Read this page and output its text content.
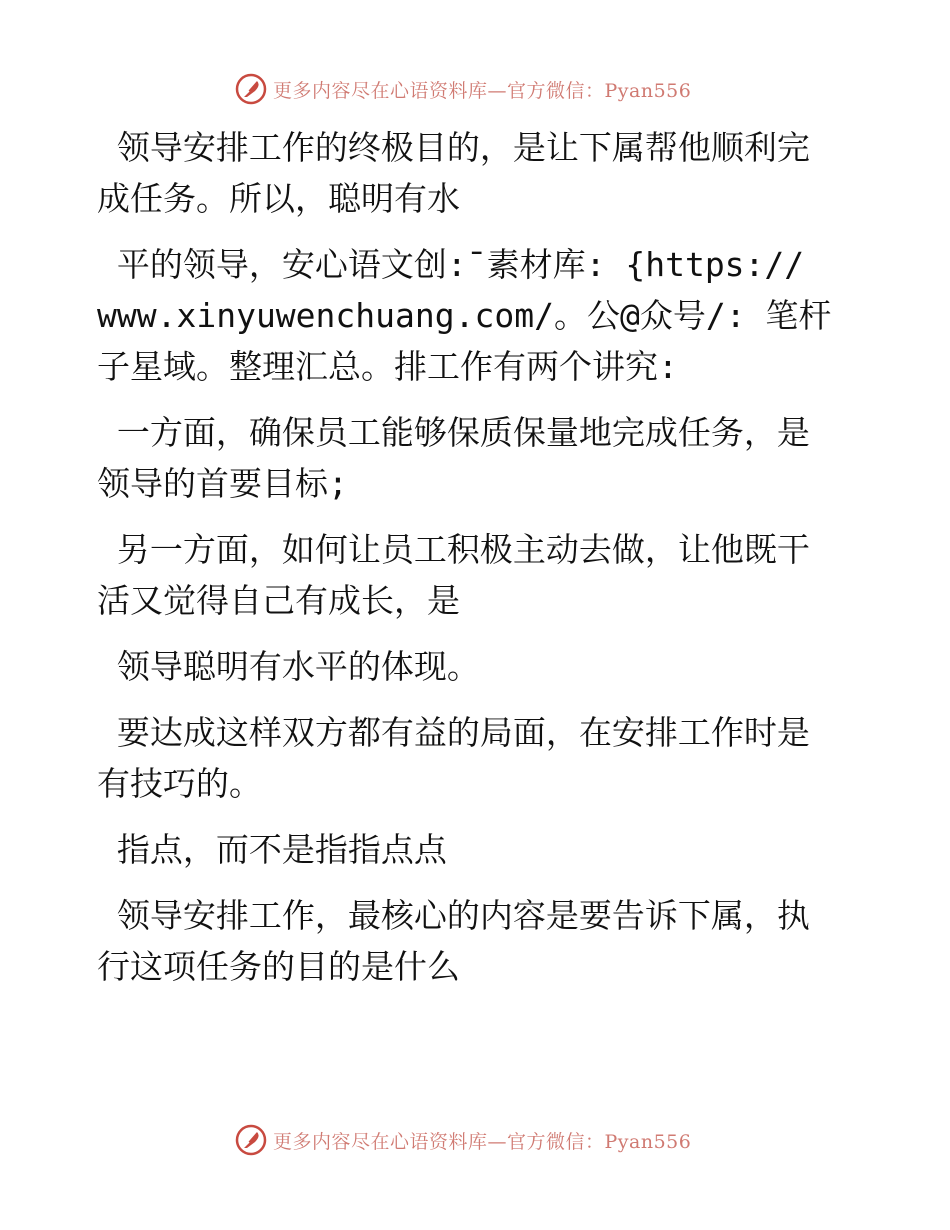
更多内容尽在心语资料库—官方微信：Pyan556

领导安排工作的终极目的，是让下属帮他顺利完成任务。所以，聪明有水

平的领导，安心语文创:¯素材库: {https:// www.xinyuwenchuang.com/。公@众号/: 笔杆子星域。整理汇总。排工作有两个讲究:

一方面，确保员工能够保质保量地完成任务，是领导的首要目标;

另一方面，如何让员工积极主动去做，让他既干活又觉得自己有成长，是

领导聪明有水平的体现。

要达成这样双方都有益的局面，在安排工作时是有技巧的。

指点，而不是指指点点

领导安排工作，最核心的内容是要告诉下属，执行这项任务的目的是什么

更多内容尽在心语资料库—官方微信：Pyan556
